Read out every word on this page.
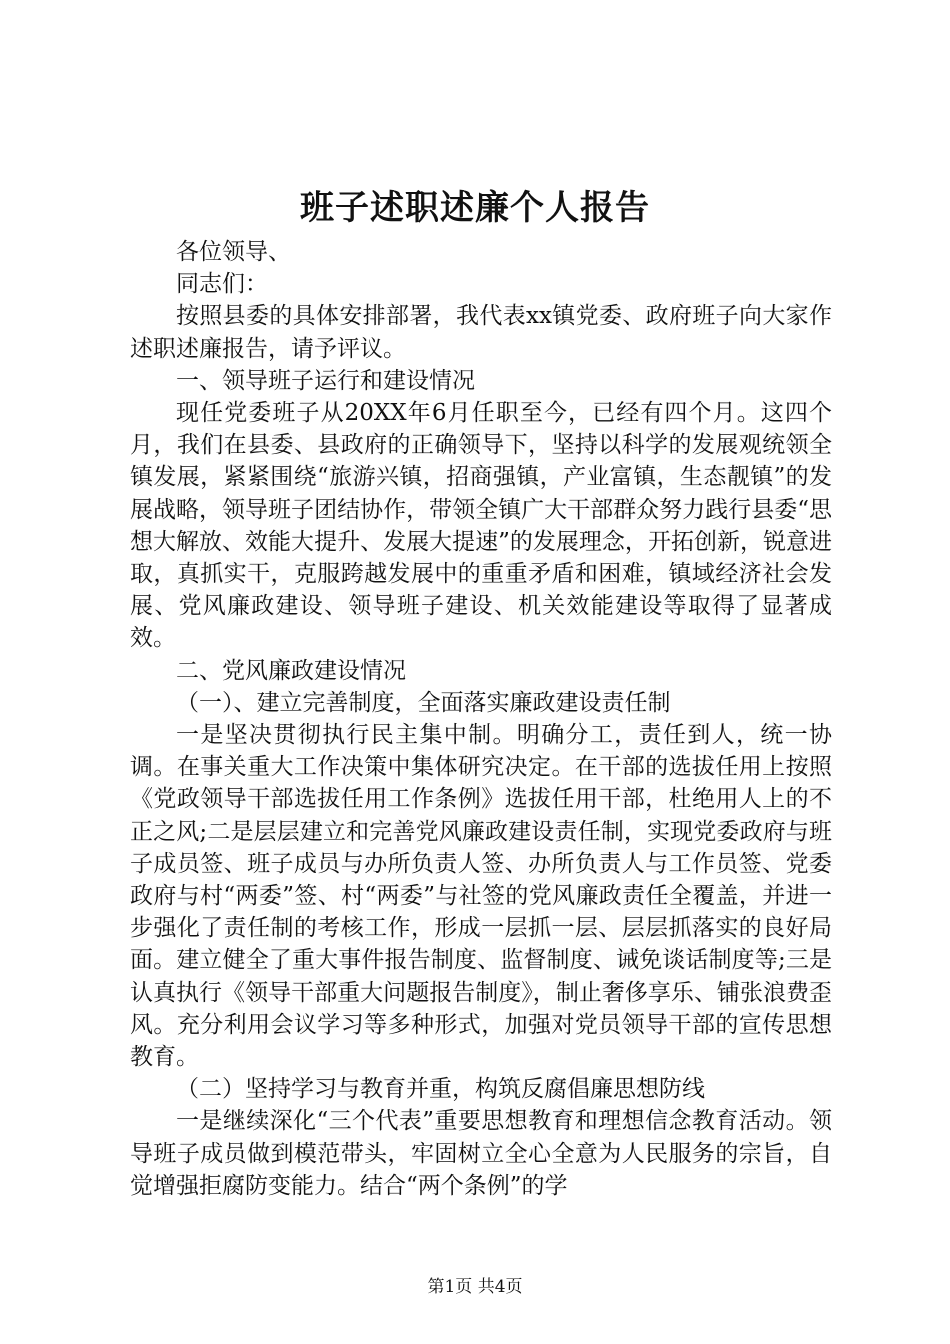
班子述职述廉个人报告

各位领导、

同志们：

按照县委的具体安排部署，我代表xx镇党委、政府班子向大家作述职述廉报告，请予评议。

一、领导班子运行和建设情况

现任党委班子从20XX年6月任职至今，已经有四个月。这四个月，我们在县委、县政府的正确领导下，坚持以科学的发展观统领全镇发展，紧紧围绕“旅游兴镇，招商强镇，产业富镇，生态靓镇”的发展战略，领导班子团结协作，带领全镇广大干部群众努力践行县委“思想大解放、效能大提升、发展大提速”的发展理念，开拓创新，锐意进取，真抓实干，克服跨越发展中的重重矛盾和困难，镇域经济社会发展、党风廉政建设、领导班子建设、机关效能建设等取得了显著成效。

二、党风廉政建设情况

（一）、建立完善制度，全面落实廉政建设责任制

一是坚决贯彻执行民主集中制。明确分工，责任到人，统一协调。在事关重大工作决策中集体研究决定。在干部的选拔任用上按照《党政领导干部选拔任用工作条例》选拔任用干部，杜绝用人上的不正之风;二是层层建立和完善党风廉政建设责任制，实现党委政府与班子成员签、班子成员与办所负责人签、办所负责人与工作员签、党委政府与村“两委”签、村“两委”与社签的党风廉政责任全覆盖，并进一步强化了责任制的考核工作，形成一层抓一层、层层抓落实的良好局面。建立健全了重大事件报告制度、监督制度、诫免谈话制度等;三是认真执行《领导干部重大问题报告制度》，制止奢侈享乐、铺张浪费歪风。充分利用会议学习等多种形式，加强对党员领导干部的宣传思想教育。

（二）坚持学习与教育并重，构筑反腐倡廉思想防线

一是继续深化“三个代表”重要思想教育和理想信念教育活动。领导班子成员做到模范带头，牢固树立全心全意为人民服务的宗旨，自觉增强拒腐防变能力。结合“两个条例”的学

第1页 共4页
